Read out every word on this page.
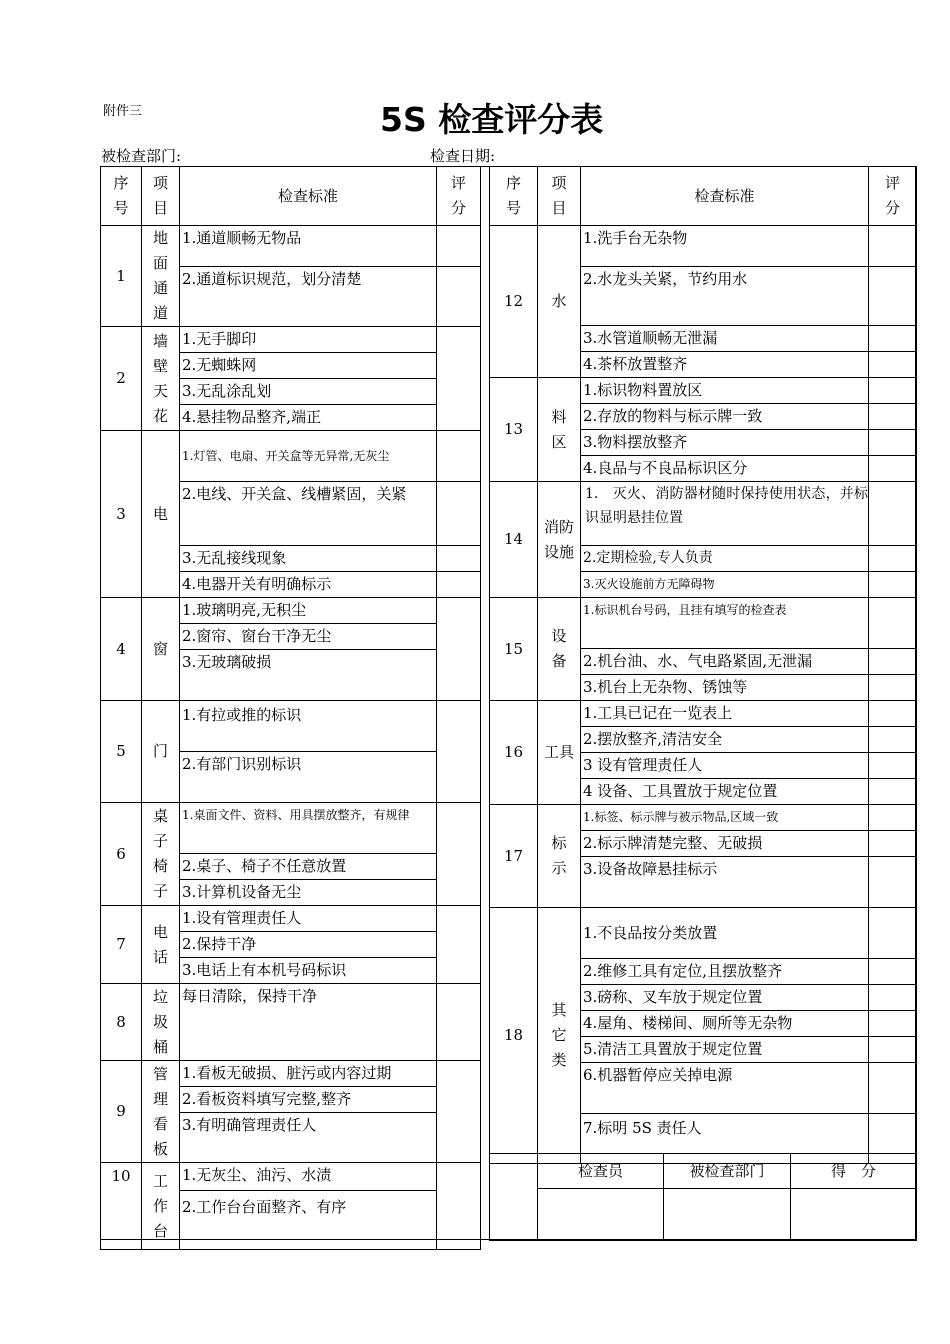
附件三	5S 检查评分表
被检查部门:	检查日期:
序号	项目	检查标准	评分
1	地面通道	1.通道顺畅无物品	
		2.通道标识规范，划分清楚	
2	墙壁天花	1.无手脚印	
		2.无蜘蛛网	
		3.无乱涂乱划	
		4.悬挂物品整齐,端正	
3	电	1.灯管、电扇、开关盒等无异常,无灰尘	
		2.电线、开关盒、线槽紧固，关紧	
		3.无乱接线现象	
		4.电器开关有明确标示	
4	窗	1.玻璃明亮,无积尘	
		2.窗帘、窗台干净无尘	
		3.无玻璃破损	
5	门	1.有拉或推的标识	
		2.有部门识别标识	
6	桌子椅子	1.桌面文件、资料、用具摆放整齐，有规律	
		2.桌子、椅子不任意放置	
		3.计算机设备无尘	
7	电话	1.设有管理责任人	
		2.保持干净	
		3.电话上有本机号码标识	
8	垃圾桶	每日清除，保持干净	
9	管理看板	1.看板无破损、脏污或内容过期	
		2.看板资料填写完整,整齐	
		3.有明确管理责任人	
10	工作台	1.无灰尘、油污、水渍	
		2.工作台台面整齐、有序	
序号	项目	检查标准	评分
12	水	1.洗手台无杂物	
		2.水龙头关紧，节约用水	
		3.水管道顺畅无泄漏	
		4.茶杯放置整齐	
13	料区	1.标识物料置放区	
		2.存放的物料与标示牌一致	
		3.物料摆放整齐	
		4.良品与不良品标识区分	
14	消防设施	1.　灭火、消防器材随时保持使用状态，并标识显明悬挂位置	
		2.定期检验,专人负责	
		3.灭火设施前方无障碍物	
15	设备	1.标识机台号码，且挂有填写的检查表	
		2.机台油、水、气电路紧固,无泄漏	
		3.机台上无杂物、锈蚀等	
16	工具	1.工具已记在一览表上	
		2.摆放整齐,清洁安全	
		3 设有管理责任人	
		4 设备、工具置放于规定位置	
17	标示	1.标签、标示牌与被示物品,区域一致	
		2.标示牌清楚完整、无破损	
		3.设备故障悬挂标示	
18	其它类	1.不良品按分类放置	
		2.维修工具有定位,且摆放整齐	
		3.磅称、叉车放于规定位置	
		4.屋角、楼梯间、厕所等无杂物	
		5.清洁工具置放于规定位置	
		6.机器暂停应关掉电源	
		7.标明 5S 责任人	
	检查员	被检查部门	得　分
